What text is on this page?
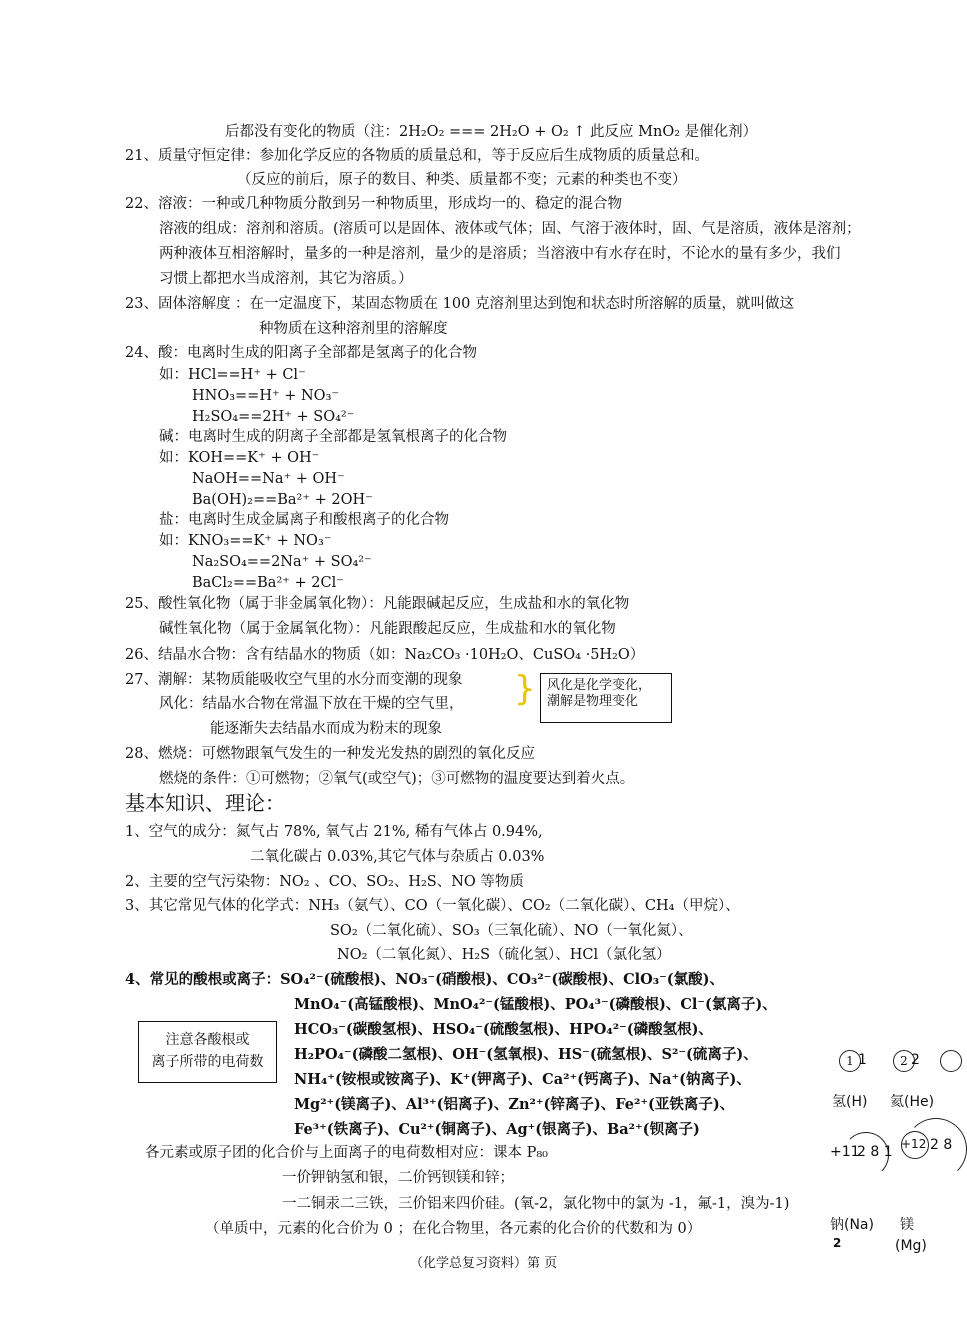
后都没有变化的物质（注：2H₂O₂ === 2H₂O + O₂ ↑ 此反应 MnO₂ 是催化剂）
21、质量守恒定律：参加化学反应的各物质的质量总和，等于反应后生成物质的质量总和。
（反应的前后，原子的数目、种类、质量都不变；元素的种类也不变）
22、溶液：一种或几种物质分散到另一种物质里，形成均一的、稳定的混合物
溶液的组成：溶剂和溶质。(溶质可以是固体、液体或气体；固、气溶于液体时，固、气是溶质，液体是溶剂；
两种液体互相溶解时，量多的一种是溶剂，量少的是溶质；当溶液中有水存在时，不论水的量有多少，我们
习惯上都把水当成溶剂，其它为溶质。）
23、固体溶解度 ：在一定温度下，某固态物质在 100 克溶剂里达到饱和状态时所溶解的质量，就叫做这
种物质在这种溶剂里的溶解度
24、酸：电离时生成的阳离子全部都是氢离子的化合物
如：HCl==H⁺ + Cl⁻
HNO₃==H⁺ + NO₃⁻
H₂SO₄==2H⁺ + SO₄²⁻
碱：电离时生成的阴离子全部都是氢氧根离子的化合物
如：KOH==K⁺ + OH⁻
NaOH==Na⁺ + OH⁻
Ba(OH)₂==Ba²⁺ + 2OH⁻
盐：电离时生成金属离子和酸根离子的化合物
如：KNO₃==K⁺ + NO₃⁻
Na₂SO₄==2Na⁺ + SO₄²⁻
BaCl₂==Ba²⁺ + 2Cl⁻
25、酸性氧化物（属于非金属氧化物）：凡能跟碱起反应，生成盐和水的氧化物
碱性氧化物（属于金属氧化物）：凡能跟酸起反应，生成盐和水的氧化物
26、结晶水合物：含有结晶水的物质（如：Na₂CO₃ ·10H₂O、CuSO₄ ·5H₂O）
27、潮解：某物质能吸收空气里的水分而变潮的现象
风化：结晶水合物在常温下放在干燥的空气里，
能逐渐失去结晶水而成为粉末的现象
28、燃烧：可燃物跟氧气发生的一种发光发热的剧烈的氧化反应
燃烧的条件：①可燃物；②氧气(或空气)；③可燃物的温度要达到着火点。
1、空气的成分：氮气占 78%, 氧气占 21%, 稀有气体占 0.94%,
二氧化碳占 0.03%,其它气体与杂质占 0.03%
2、主要的空气污染物：NO₂ 、CO、SO₂、H₂S、NO 等物质
3、其它常见气体的化学式：NH₃（氨气）、CO（一氧化碳）、CO₂（二氧化碳）、CH₄（甲烷）、
SO₂（二氧化硫）、SO₃（三氧化硫）、NO（一氧化氮）、
NO₂（二氧化氮）、H₂S（硫化氢）、HCl（氯化氢）
4、常见的酸根或离子：SO₄²⁻(硫酸根)、NO₃⁻(硝酸根)、CO₃²⁻(碳酸根)、ClO₃⁻(氯酸)、
MnO₄⁻(高锰酸根)、MnO₄²⁻(锰酸根)、PO₄³⁻(磷酸根)、Cl⁻(氯离子)、
HCO₃⁻(碳酸氢根)、HSO₄⁻(硫酸氢根)、HPO₄²⁻(磷酸氢根)、
H₂PO₄⁻(磷酸二氢根)、OH⁻(氢氧根)、HS⁻(硫氢根)、S²⁻(硫离子)、
NH₄⁺(铵根或铵离子)、K⁺(钾离子)、Ca²⁺(钙离子)、Na⁺(钠离子)、
Mg²⁺(镁离子)、Al³⁺(铝离子)、Zn²⁺(锌离子)、Fe²⁺(亚铁离子)、
Fe³⁺(铁离子)、Cu²⁺(铜离子)、Ag⁺(银离子)、Ba²⁺(钡离子)
各元素或原子团的化合价与上面离子的电荷数相对应：课本 P₈₀
一价钾钠氢和银，二价钙钡镁和锌；
一二铜汞二三铁，三价铝来四价硅。(氧-2，氯化物中的氯为 -1，氟-1，溴为-1)
（单质中，元素的化合价为 0 ；在化合物里，各元素的化合价的代数和为 0）
基本知识、理论：
} 风化是化学变化，
潮解是物理变化
注意各酸根或
离子所带的电荷数	1 1
氢(H)
2 2
氦(He)
+11
2 8 1 +12 2 8
钠(Na)
2
镁
(Mg)
（化学总复习资料）第 页
